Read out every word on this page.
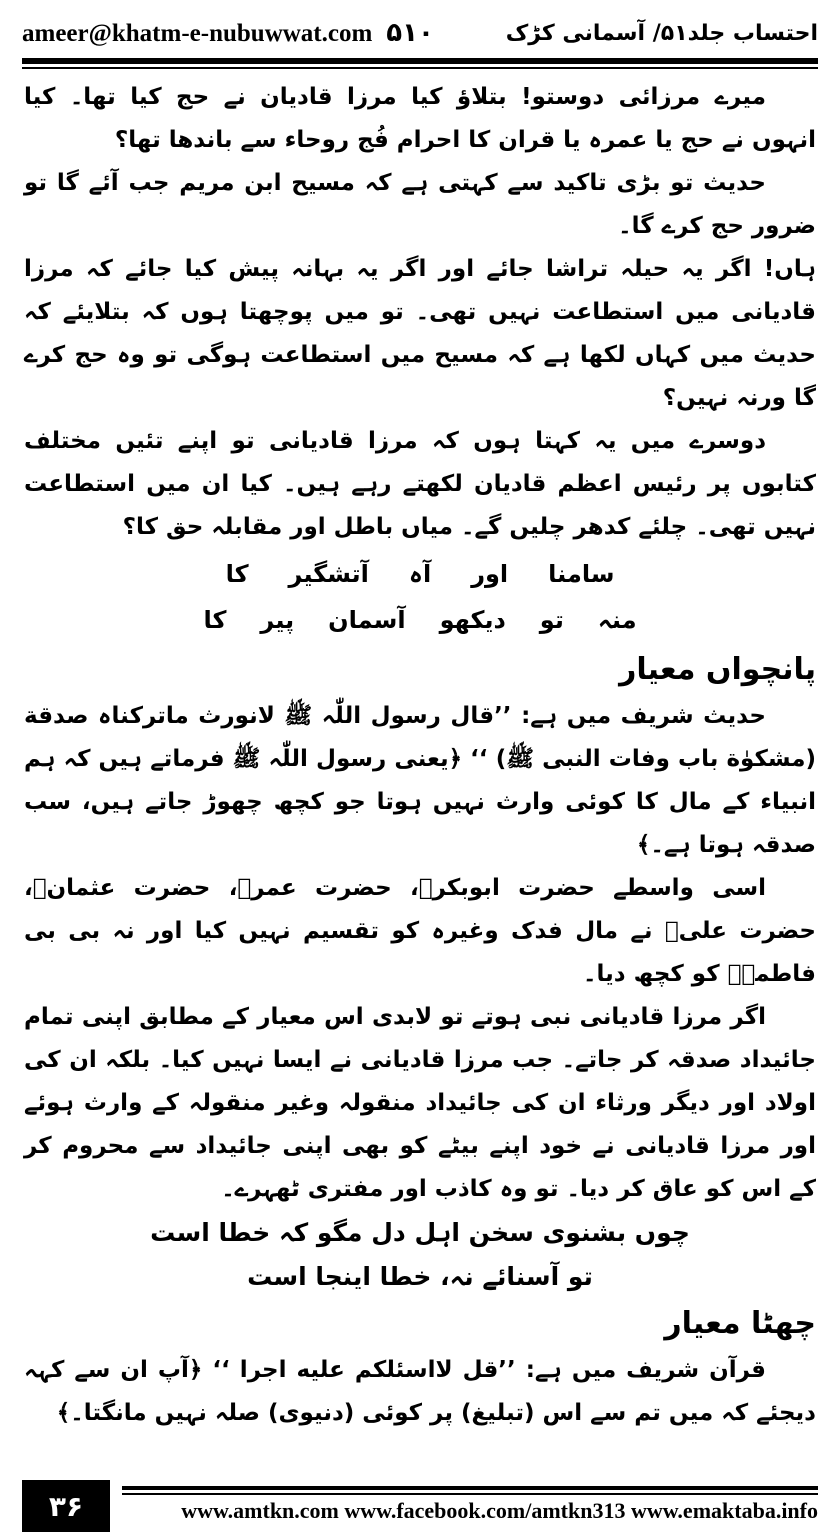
ameer@khatm-e-nubuwwat.com ۵۱۰	احتساب جلد۵۱/ آسمانی کڑک

میرے مرزائی دوستو! بتلاؤ کیا مرزا قادیان نے حج کیا تھا۔ کیا انہوں نے حج یا عمرہ یا قران کا احرام فُج روحاء سے باندھا تھا؟

حدیث تو بڑی تاکید سے کہتی ہے کہ مسیح ابن مریم جب آئے گا تو ضرور حج کرے گا۔

ہاں! اگر یہ حیلہ تراشا جائے اور اگر یہ بہانہ پیش کیا جائے کہ مرزا قادیانی میں استطاعت نہیں تھی۔ تو میں پوچھتا ہوں کہ بتلایئے کہ حدیث میں کہاں لکھا ہے کہ مسیح میں استطاعت ہوگی تو وہ حج کرے گا ورنہ نہیں؟

دوسرے میں یہ کہتا ہوں کہ مرزا قادیانی تو اپنے تئیں مختلف کتابوں پر رئیس اعظم قادیان لکھتے رہے ہیں۔ کیا ان میں استطاعت نہیں تھی۔ چلئے کدھر چلیں گے۔ میاں باطل اور مقابلہ حق کا؟

سامنا
اور
آہ
آتشگیر
کا
منہ
تو
دیکھو
آسمان
پیر
کا

پانچواں معیار

حدیث شریف میں ہے: ’’قال رسول اللّٰہ ﷺ لانورث ماترکناہ صدقة (مشکوٰة باب وفات النبی ﷺ) ‘‘ ﴿یعنی رسول اللّٰہ ﷺ فرماتے ہیں کہ ہم انبیاء کے مال کا کوئی وارث نہیں ہوتا جو کچھ چھوڑ جاتے ہیں، سب صدقہ ہوتا ہے۔﴾

اسی واسطے حضرت ابوبکرؓ، حضرت عمرؓ، حضرت عثمانؓ، حضرت علیؓ نے مال فدک وغیرہ کو تقسیم نہیں کیا اور نہ بی بی فاطمہؓ کو کچھ دیا۔

اگر مرزا قادیانی نبی ہوتے تو لابدی اس معیار کے مطابق اپنی تمام جائیداد صدقہ کر جاتے۔ جب مرزا قادیانی نے ایسا نہیں کیا۔ بلکہ ان کی اولاد اور دیگر ورثاء ان کی جائیداد منقولہ وغیر منقولہ کے وارث ہوئے اور مرزا قادیانی نے خود اپنے بیٹے کو بھی اپنی جائیداد سے محروم کر کے اس کو عاق کر دیا۔ تو وہ کاذب اور مفتری ٹھہرے۔

چوں بشنوی سخن اہل دل مگو کہ خطا است

تو آسنائے نہ، خطا اینجا است

چھٹا معیار

قرآن شریف میں ہے: ’’قل لااسئلکم علیه اجرا ‘‘ ﴿آپ ان سے کہہ دیجئے کہ میں تم سے اس (تبلیغ) پر کوئی (دنیوی) صلہ نہیں مانگتا۔﴾

۳۶	www.amtkn.com www.facebook.com/amtkn313 www.emaktaba.info
